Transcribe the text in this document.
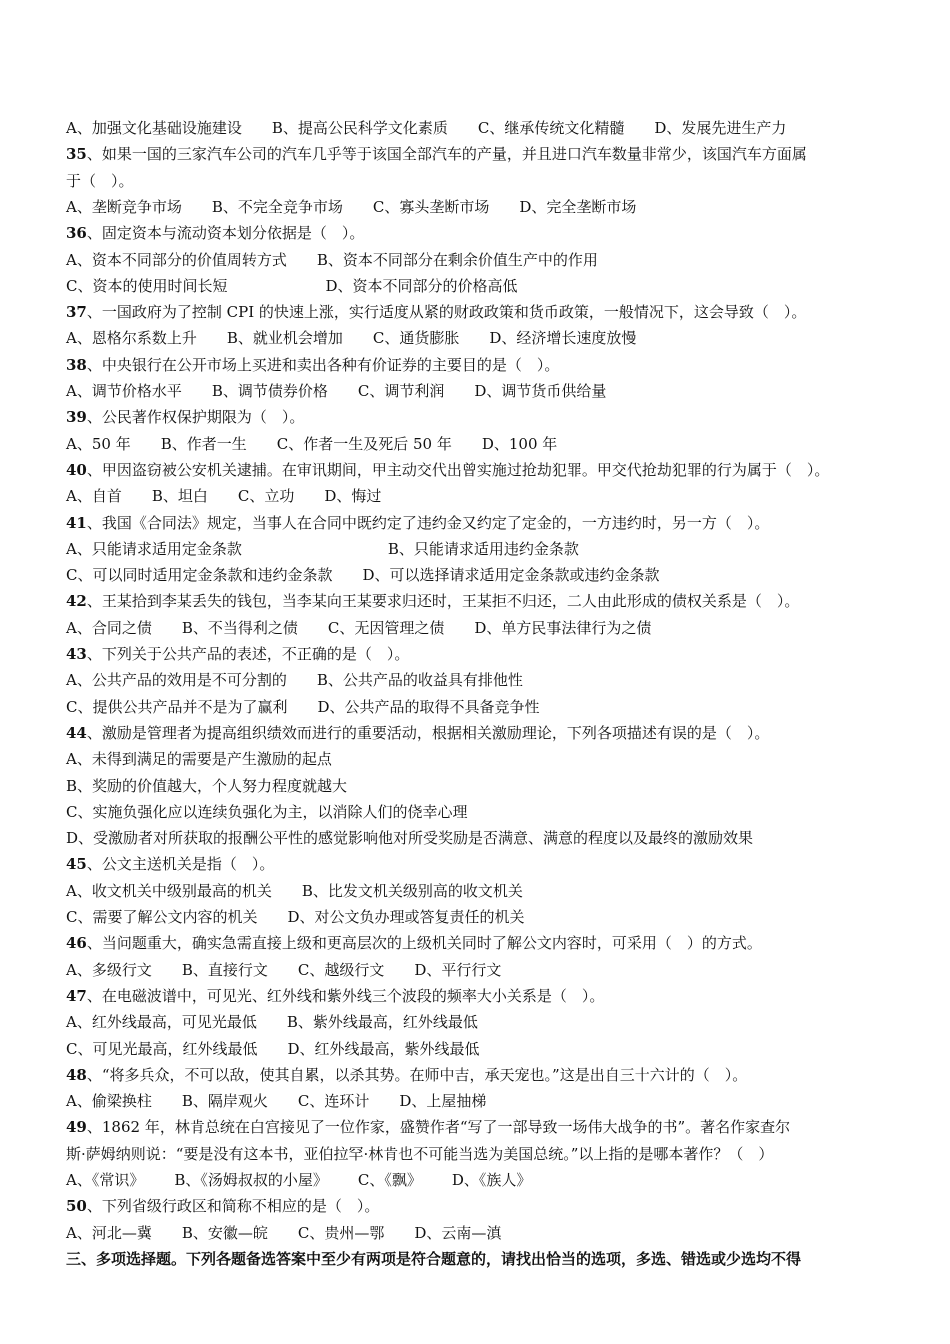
A、加强文化基础设施建设 B、提高公民科学文化素质 C、继承传统文化精髓 D、发展先进生产力
35、如果一国的三家汽车公司的汽车几乎等于该国全部汽车的产量，并且进口汽车数量非常少，该国汽车方面属
于（　）。
A、垄断竞争市场 B、不完全竞争市场 C、寡头垄断市场 D、完全垄断市场
36、固定资本与流动资本划分依据是（　）。
A、资本不同部分的价值周转方式 B、资本不同部分在剩余价值生产中的作用
C、资本的使用时间长短	D、资本不同部分的价格高低
37、一国政府为了控制 CPI 的快速上涨，实行适度从紧的财政政策和货币政策，一般情况下，这会导致（　）。
A、恩格尔系数上升 B、就业机会增加 C、通货膨胀 D、经济增长速度放慢
38、中央银行在公开市场上买进和卖出各种有价证券的主要目的是（　）。
A、调节价格水平 B、调节债券价格 C、调节利润 D、调节货币供给量
39、公民著作权保护期限为（　）。
A、50 年 B、作者一生 C、作者一生及死后 50 年 D、100 年
40、甲因盗窃被公安机关逮捕。在审讯期间，甲主动交代出曾实施过抢劫犯罪。甲交代抢劫犯罪的行为属于（　）。
A、自首 B、坦白 C、立功 D、悔过
41、我国《合同法》规定，当事人在合同中既约定了违约金又约定了定金的，一方违约时，另一方（　）。
A、只能请求适用定金条款	B、只能请求适用违约金条款
C、可以同时适用定金条款和违约金条款 D、可以选择请求适用定金条款或违约金条款
42、王某拾到李某丢失的钱包，当李某向王某要求归还时，王某拒不归还，二人由此形成的债权关系是（　）。
A、合同之债 B、不当得利之债 C、无因管理之债 D、单方民事法律行为之债
43、下列关于公共产品的表述，不正确的是（　）。
A、公共产品的效用是不可分割的 B、公共产品的收益具有排他性
C、提供公共产品并不是为了赢利 D、公共产品的取得不具备竞争性
44、激励是管理者为提高组织绩效而进行的重要活动，根据相关激励理论，下列各项描述有误的是（　）。
A、未得到满足的需要是产生激励的起点
B、奖励的价值越大，个人努力程度就越大
C、实施负强化应以连续负强化为主，以消除人们的侥幸心理
D、受激励者对所获取的报酬公平性的感觉影响他对所受奖励是否满意、满意的程度以及最终的激励效果
45、公文主送机关是指（　）。
A、收文机关中级别最高的机关 B、比发文机关级别高的收文机关
C、需要了解公文内容的机关 D、对公文负办理或答复责任的机关
46、当问题重大，确实急需直接上级和更高层次的上级机关同时了解公文内容时，可采用（　）的方式。
A、多级行文 B、直接行文 C、越级行文 D、平行行文
47、在电磁波谱中，可见光、红外线和紫外线三个波段的频率大小关系是（　）。
A、红外线最高，可见光最低 B、紫外线最高，红外线最低
C、可见光最高，红外线最低 D、红外线最高，紫外线最低
48、“将多兵众，不可以敌，使其自累，以杀其势。在师中吉，承天宠也。”这是出自三十六计的（　）。
A、偷梁换柱 B、隔岸观火 C、连环计 D、上屋抽梯
49、1862 年，林肯总统在白宫接见了一位作家，盛赞作者“写了一部导致一场伟大战争的书”。著名作家查尔
斯·萨姆纳则说：“要是没有这本书，亚伯拉罕·林肯也不可能当选为美国总统。”以上指的是哪本著作？（　）
A、《常识》 B、《汤姆叔叔的小屋》 C、《飘》 D、《族人》
50、下列省级行政区和简称不相应的是（　）。
A、河北—冀 B、安徽—皖 C、贵州—鄂 D、云南—滇
三、多项选择题。下列各题备选答案中至少有两项是符合题意的，请找出恰当的选项，多选、错选或少选均不得
